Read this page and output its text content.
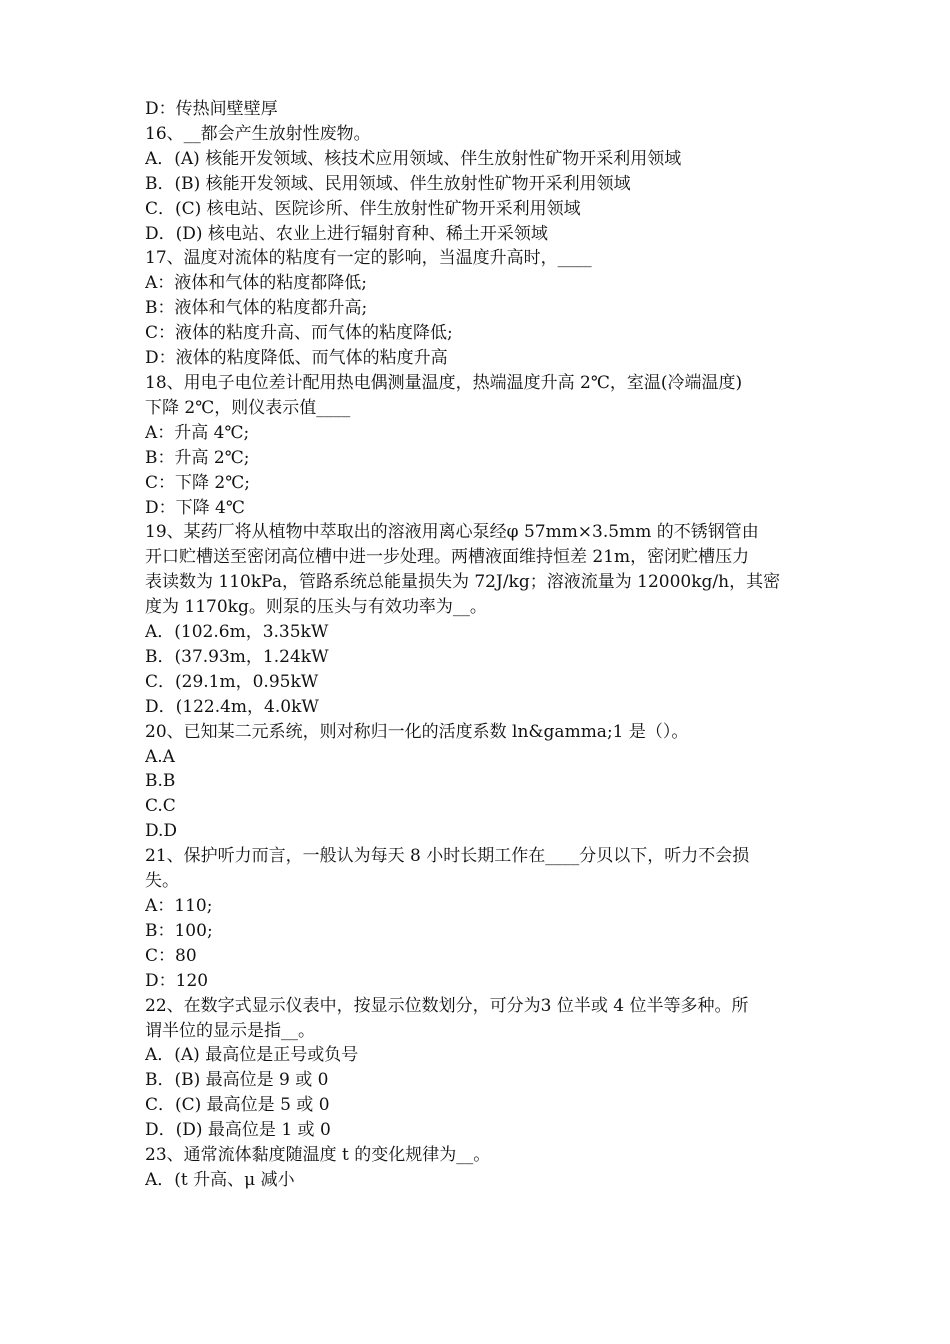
D：传热间壁壁厚
16、__都会产生放射性废物。
A．(A) 核能开发领域、核技术应用领域、伴生放射性矿物开采利用领域
B．(B) 核能开发领域、民用领域、伴生放射性矿物开采利用领域
C．(C) 核电站、医院诊所、伴生放射性矿物开采利用领域
D．(D) 核电站、农业上进行辐射育种、稀土开采领域
17、温度对流体的粘度有一定的影响，当温度升高时，____
A：液体和气体的粘度都降低;
B：液体和气体的粘度都升高;
C：液体的粘度升高、而气体的粘度降低;
D：液体的粘度降低、而气体的粘度升高
18、用电子电位差计配用热电偶测量温度，热端温度升高 2℃，室温(冷端温度)
下降 2℃，则仪表示值____
A：升高 4℃;
B：升高 2℃;
C：下降 2℃;
D：下降 4℃
19、某药厂将从植物中萃取出的溶液用离心泵经φ 57mm×3.5mm 的不锈钢管由
开口贮槽送至密闭高位槽中进一步处理。两槽液面维持恒差 21m，密闭贮槽压力
表读数为 110kPa，管路系统总能量损失为 72J/kg；溶液流量为 12000kg/h，其密
度为 1170kg。则泵的压头与有效功率为__。
A．(102.6m，3.35kW
B．(37.93m，1.24kW
C．(29.1m，0.95kW
D．(122.4m，4.0kW
20、已知某二元系统，则对称归一化的活度系数 ln&gamma;1 是（）。
A.A
B.B
C.C
D.D
21、保护听力而言，一般认为每天 8 小时长期工作在____分贝以下，听力不会损
失。
A：110;
B：100;
C：80
D：120
22、在数字式显示仪表中，按显示位数划分，可分为3 位半或 4 位半等多种。所
谓半位的显示是指__。
A．(A) 最高位是正号或负号
B．(B) 最高位是 9 或 0
C．(C) 最高位是 5 或 0
D．(D) 最高位是 1 或 0
23、通常流体黏度随温度 t 的变化规律为__。
A．(t 升高、μ 减小
